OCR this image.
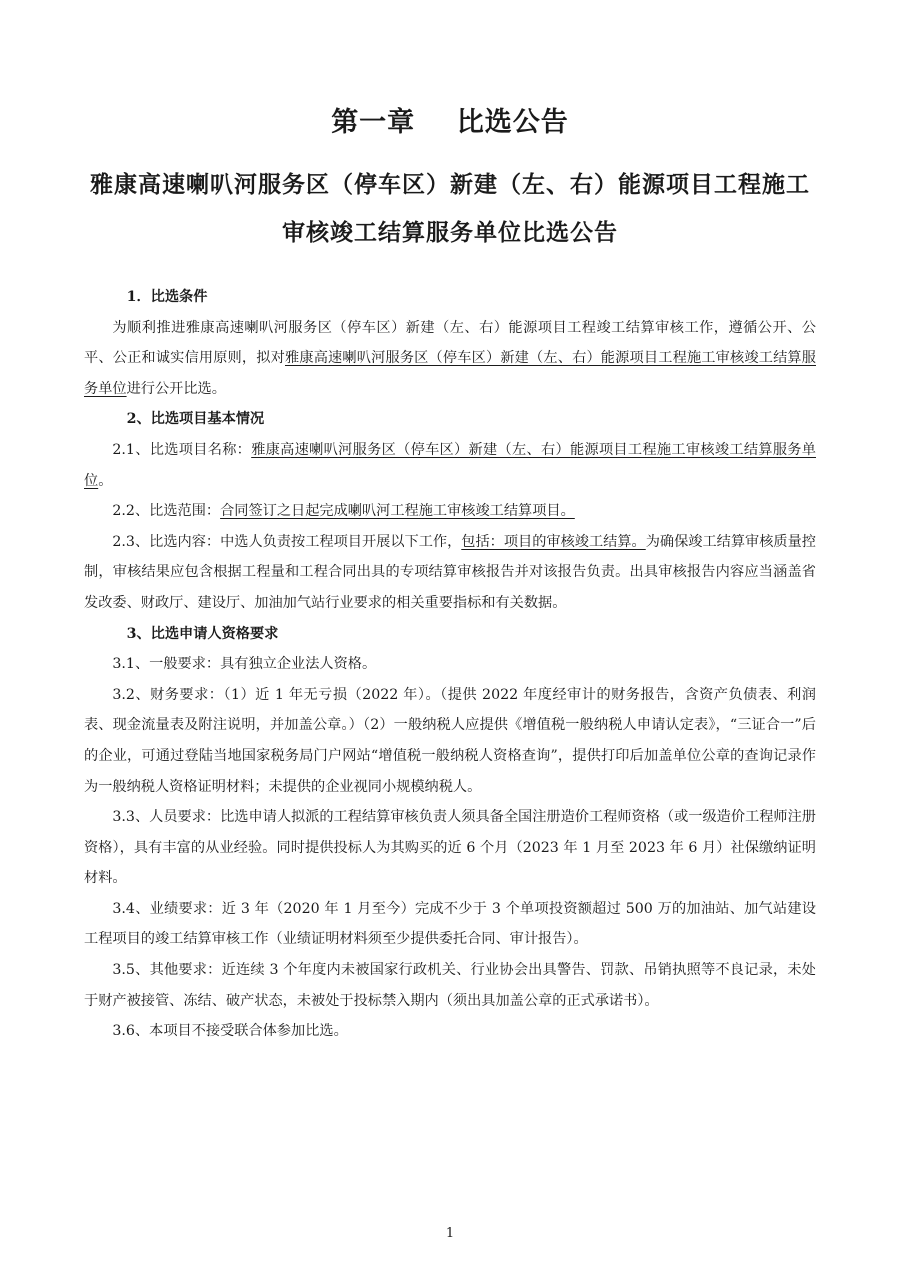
第一章    比选公告
雅康高速喇叭河服务区（停车区）新建（左、右）能源项目工程施工
审核竣工结算服务单位比选公告

1．比选条件

为顺利推进雅康高速喇叭河服务区（停车区）新建（左、右）能源项目工程竣工结算审核工作，遵循公开、公平、公正和诚实信用原则，拟对雅康高速喇叭河服务区（停车区）新建（左、右）能源项目工程施工审核竣工结算服务单位进行公开比选。

2、比选项目基本情况

2.1、比选项目名称：雅康高速喇叭河服务区（停车区）新建（左、右）能源项目工程施工审核竣工结算服务单位。

2.2、比选范围：合同签订之日起完成喇叭河工程施工审核竣工结算项目。

2.3、比选内容：中选人负责按工程项目开展以下工作，包括：项目的审核竣工结算。为确保竣工结算审核质量控制，审核结果应包含根据工程量和工程合同出具的专项结算审核报告并对该报告负责。出具审核报告内容应当涵盖省发改委、财政厅、建设厅、加油加气站行业要求的相关重要指标和有关数据。

3、比选申请人资格要求

3.1、一般要求：具有独立企业法人资格。

3.2、财务要求：（1）近 1 年无亏损（2022 年）。（提供 2022 年度经审计的财务报告，含资产负债表、利润表、现金流量表及附注说明，并加盖公章。）（2）一般纳税人应提供《增值税一般纳税人申请认定表》，“三证合一”后的企业，可通过登陆当地国家税务局门户网站“增值税一般纳税人资格查询”，提供打印后加盖单位公章的查询记录作为一般纳税人资格证明材料；未提供的企业视同小规模纳税人。

3.3、人员要求：比选申请人拟派的工程结算审核负责人须具备全国注册造价工程师资格（或一级造价工程师注册资格），具有丰富的从业经验。同时提供投标人为其购买的近 6 个月（2023 年 1 月至 2023 年 6 月）社保缴纳证明材料。

3.4、业绩要求：近 3 年（2020 年 1 月至今）完成不少于 3 个单项投资额超过 500 万的加油站、加气站建设工程项目的竣工结算审核工作（业绩证明材料须至少提供委托合同、审计报告）。

3.5、其他要求：近连续 3 个年度内未被国家行政机关、行业协会出具警告、罚款、吊销执照等不良记录，未处于财产被接管、冻结、破产状态，未被处于投标禁入期内（须出具加盖公章的正式承诺书）。

3.6、本项目不接受联合体参加比选。

1
